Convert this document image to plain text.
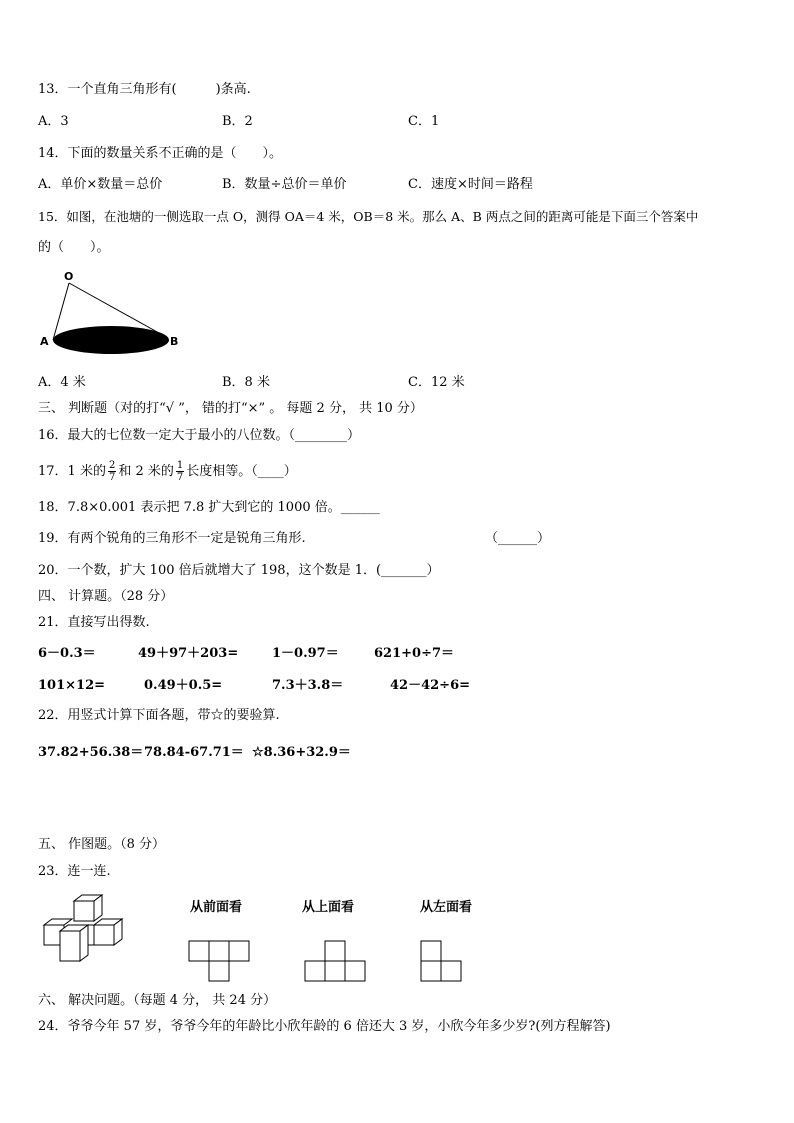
13．一个直角三角形有(　　　)条高.
A．3	B．2	C．1
14．下面的数量关系不正确的是（　　）。
A．单价×数量＝总价	B．数量÷总价＝单价	C．速度×时间＝路程
15．如图，在池塘的一侧选取一点 O，测得 OA＝4 米，OB＝8 米。那么 A、B 两点之间的距离可能是下面三个答案中
的（　　）。
O
A	B
A．4 米	B．8 米	C．12 米
三、 判断题（对的打“√ ”， 错的打“×” 。 每题 2 分， 共 10 分）
16．最大的七位数一定大于最小的八位数。（________）
17．1 米的 $\frac{2}{7}$ 和 2 米的 $\frac{1}{7}$ 长度相等。（____）
18．7.8×0.001 表示把 7.8 扩大到它的 1000 倍。______
19．有两个锐角的三角形不一定是锐角三角形.	（______）
20．一个数，扩大 100 倍后就增大了 198，这个数是 1．(_______）
四、 计算题。（28 分）
21．直接写出得数.
6－0.3＝	49＋97＋203=	1－0.97＝	621+0÷7＝
101×12=	0.49＋0.5=	7.3＋3.8＝	42－42÷6=
22．用竖式计算下面各题，带☆的要验算.
37.82+56.38＝ 78.84-67.71＝ ☆8.36+32.9＝
五、 作图题。（8 分）
23．连一连.
从前面看	从上面看	从左面看
六、 解决问题。（每题 4 分， 共 24 分）
24．爷爷今年 57 岁，爷爷今年的年龄比小欣年龄的 6 倍还大 3 岁，小欣今年多少岁?(列方程解答)
